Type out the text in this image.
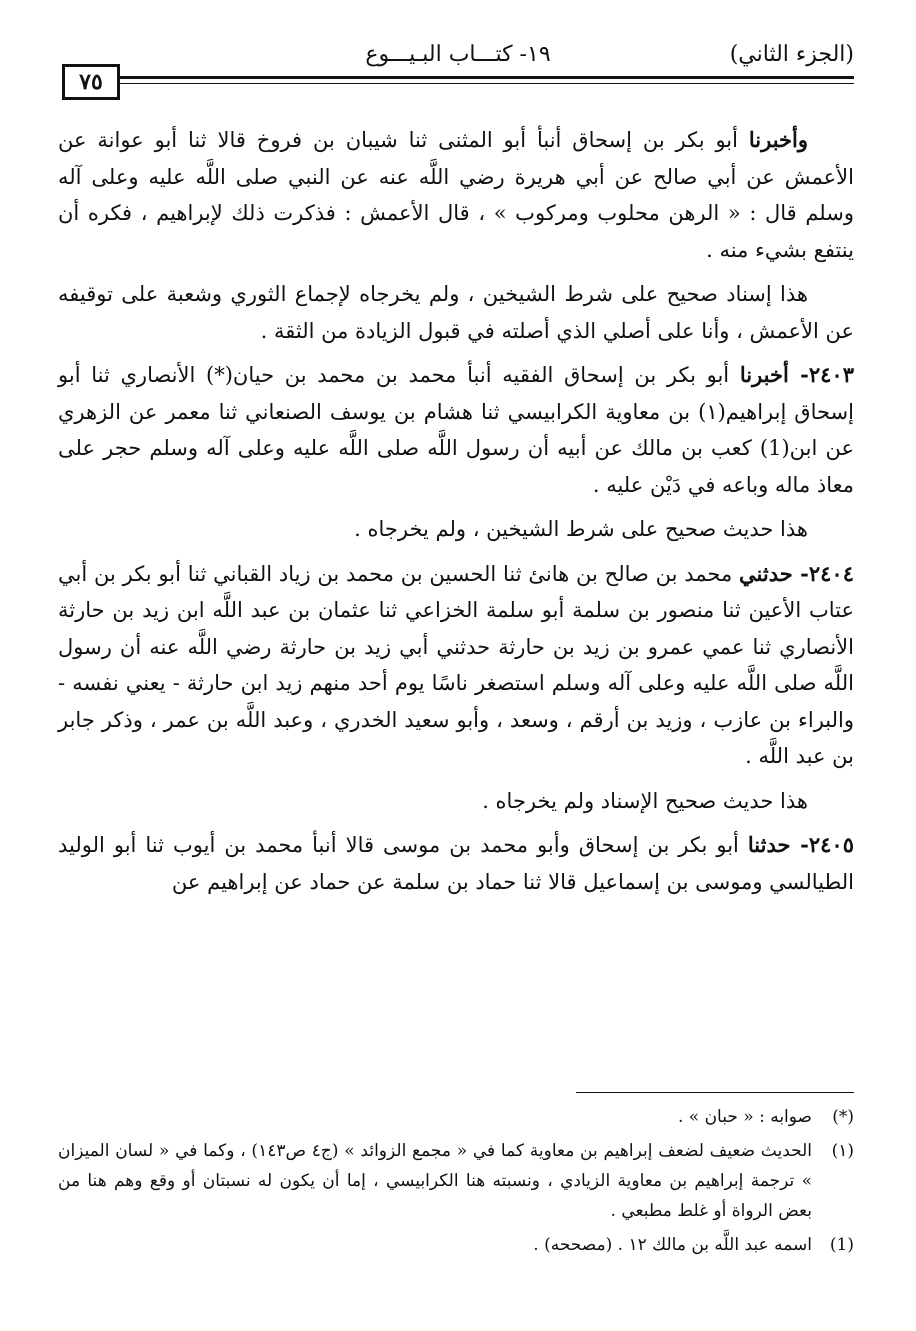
(الجزء الثاني)
١٩- كتـــاب البـيـــوع
٧٥

وأخبرنا أبو بكر بن إسحاق أنبأ أبو المثنى ثنا شيبان بن فروخ قالا ثنا أبو عوانة عن الأعمش عن أبي صالح عن أبي هريرة رضي اللَّه عنه عن النبي صلى اللَّه عليه وعلى آله وسلم قال : « الرهن محلوب ومركوب » ، قال الأعمش : فذكرت ذلك لإبراهيم ، فكره أن ينتفع بشيء منه .

هذا إسناد صحيح على شرط الشيخين ، ولم يخرجاه لإجماع الثوري وشعبة على توقيفه عن الأعمش ، وأنا على أصلي الذي أصلته في قبول الزيادة من الثقة .

٢٤٠٣- أخبرنا أبو بكر بن إسحاق الفقيه أنبأ محمد بن محمد بن حيان(*) الأنصاري ثنا أبو إسحاق إبراهيم(١) بن معاوية الكرابيسي ثنا هشام بن يوسف الصنعاني ثنا معمر عن الزهري عن ابن(1) كعب بن مالك عن أبيه أن رسول اللَّه صلى اللَّه عليه وعلى آله وسلم حجر على معاذ ماله وباعه في دَيْن عليه .

هذا حديث صحيح على شرط الشيخين ، ولم يخرجاه .

٢٤٠٤- حدثني محمد بن صالح بن هانئ ثنا الحسين بن محمد بن زياد القباني ثنا أبو بكر بن أبي عتاب الأعين ثنا منصور بن سلمة أبو سلمة الخزاعي ثنا عثمان بن عبد اللَّه ابن زيد بن حارثة الأنصاري ثنا عمي عمرو بن زيد بن حارثة حدثني أبي زيد بن حارثة رضي اللَّه عنه أن رسول اللَّه صلى اللَّه عليه وعلى آله وسلم استصغر ناسًا يوم أحد منهم زيد ابن حارثة - يعني نفسه - والبراء بن عازب ، وزيد بن أرقم ، وسعد ، وأبو سعيد الخدري ، وعبد اللَّه بن عمر ، وذكر جابر بن عبد اللَّه .

هذا حديث صحيح الإسناد ولم يخرجاه .

٢٤٠٥- حدثنا أبو بكر بن إسحاق وأبو محمد بن موسى قالا أنبأ محمد بن أيوب ثنا أبو الوليد الطيالسي وموسى بن إسماعيل قالا ثنا حماد بن سلمة عن حماد عن إبراهيم عن

(*)
صوابه : « حبان » .
(١)
الحديث ضعيف لضعف إبراهيم بن معاوية كما في « مجمع الزوائد » (ج٤ ص١٤٣) ، وكما في « لسان الميزان » ترجمة إبراهيم بن معاوية الزيادي ، ونسبته هنا الكرابيسي ، إما أن يكون له نسبتان أو وقع وهم هنا من بعض الرواة أو غلط مطبعي .
(1)
اسمه عبد اللَّه بن مالك ١٢ . (مصححه) .
